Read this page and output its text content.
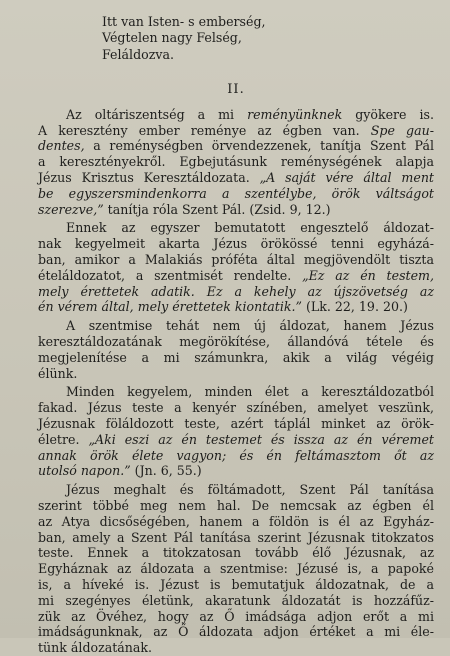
Itt van Isten- s emberség,
Végtelen nagy Felség,
Feláldozva.
II.
Az oltáriszentség a mi reményünknek gyökere is.
A keresztény ember reménye az égben van. Spe gau-
dentes, a reménységben örvendezzenek, tanítja Szent Pál
a keresztényekről. Egbejutásunk reménységének alapja
Jézus Krisztus Keresztáldozata. „A saját vére által ment
be egyszersmindenkorra a szentélybe, örök váltságot
szerezve,” tanítja róla Szent Pál. (Zsid. 9, 12.)
Ennek az egyszer bemutatott engesztelő áldozat-
nak kegyelmeit akarta Jézus örökössé tenni egyházá-
ban, amikor a Malakiás próféta által megjövendölt tiszta
ételáldozatot, a szentmisét rendelte. „Ez az én testem,
mely érettetek adatik. Ez a kehely az újszövetség az
én vérem által, mely érettetek kiontatik.” (Lk. 22, 19. 20.)
A szentmise tehát nem új áldozat, hanem Jézus
keresztáldozatának megörökítése, állandóvá tétele és
megjelenítése a mi számunkra, akik a világ végéig
élünk.
Minden kegyelem, minden élet a keresztáldozatból
fakad. Jézus teste a kenyér színében, amelyet veszünk,
Jézusnak föláldozott teste, azért táplál minket az örök-
életre. „Aki eszi az én testemet és issza az én véremet
annak örök élete vagyon; és én feltámasztom őt az
utolsó napon.” (Jn. 6, 55.)
Jézus meghalt és föltámadott, Szent Pál tanítása
szerint többé meg nem hal. De nemcsak az égben él
az Atya dicsőségében, hanem a földön is él az Egyház-
ban, amely a Szent Pál tanítása szerint Jézusnak titokzatos
teste. Ennek a titokzatosan tovább élő Jézusnak, az
Egyháznak az áldozata a szentmise: Jézusé is, a papoké
is, a híveké is. Jézust is bemutatjuk áldozatnak, de a
mi szegényes életünk, akaratunk áldozatát is hozzáfűz-
zük az Övéhez, hogy az Ő imádsága adjon erőt a mi
imádságunknak, az Ő áldozata adjon értéket a mi éle-
tünk áldozatának.
